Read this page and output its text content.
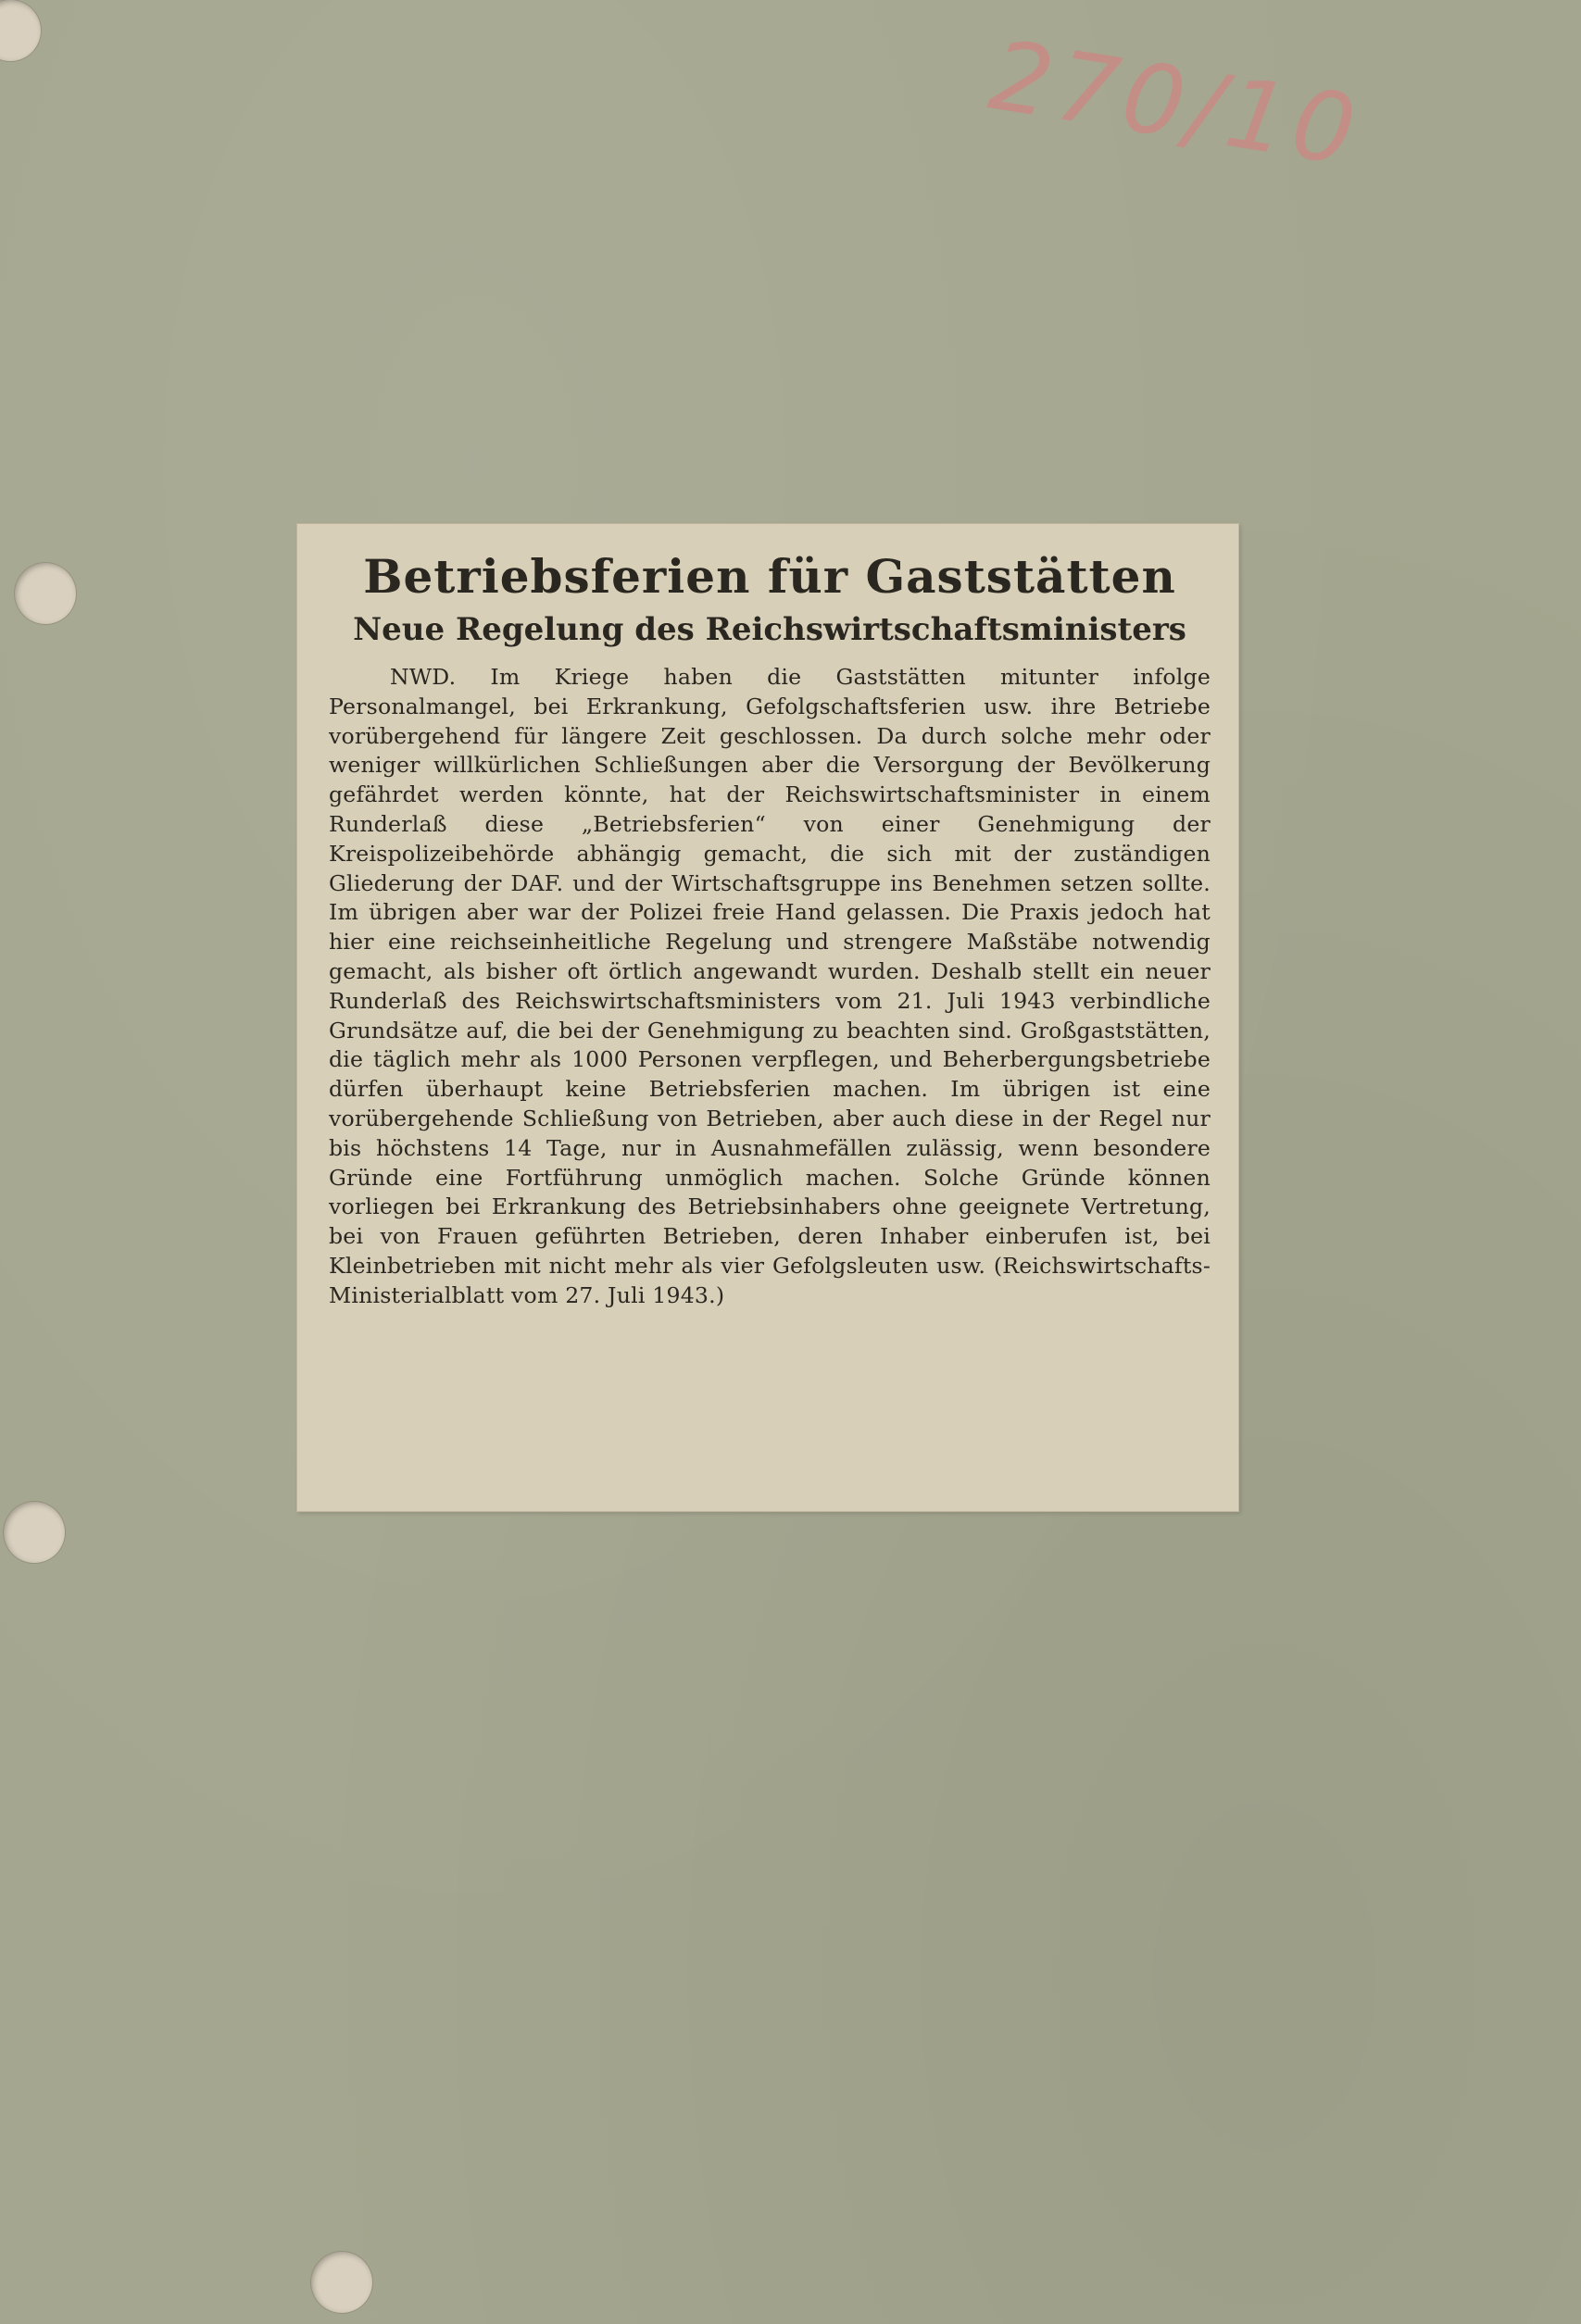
270/10
Betriebsferien für Gaststätten
Neue Regelung des Reichswirtschaftsministers

NWD. Im Kriege haben die Gaststätten mitunter infolge Personalmangel, bei Erkrankung, Gefolgschaftsferien usw. ihre Betriebe vorübergehend für längere Zeit geschlossen. Da durch solche mehr oder weniger willkürlichen Schließungen aber die Versorgung der Bevölkerung gefährdet werden könnte, hat der Reichswirtschaftsminister in einem Runderlaß diese „Betriebsferien“ von einer Genehmigung der Kreispolizeibehörde abhängig gemacht, die sich mit der zuständigen Gliederung der DAF. und der Wirtschaftsgruppe ins Benehmen setzen sollte. Im übrigen aber war der Polizei freie Hand gelassen. Die Praxis jedoch hat hier eine reichseinheitliche Regelung und strengere Maßstäbe notwendig gemacht, als bisher oft örtlich angewandt wurden. Deshalb stellt ein neuer Runderlaß des Reichswirtschaftsministers vom 21. Juli 1943 verbindliche Grundsätze auf, die bei der Genehmigung zu beachten sind. Großgaststätten, die täglich mehr als 1000 Personen verpflegen, und Beherbergungsbetriebe dürfen überhaupt keine Betriebsferien machen. Im übrigen ist eine vorübergehende Schließung von Betrieben, aber auch diese in der Regel nur bis höchstens 14 Tage, nur in Ausnahmefällen zulässig, wenn besondere Gründe eine Fortführung unmöglich machen. Solche Gründe können vorliegen bei Erkrankung des Betriebsinhabers ohne geeignete Vertretung, bei von Frauen geführten Betrieben, deren Inhaber einberufen ist, bei Kleinbetrieben mit nicht mehr als vier Gefolgsleuten usw. (Reichswirtschafts-Ministerialblatt vom 27. Juli 1943.)
